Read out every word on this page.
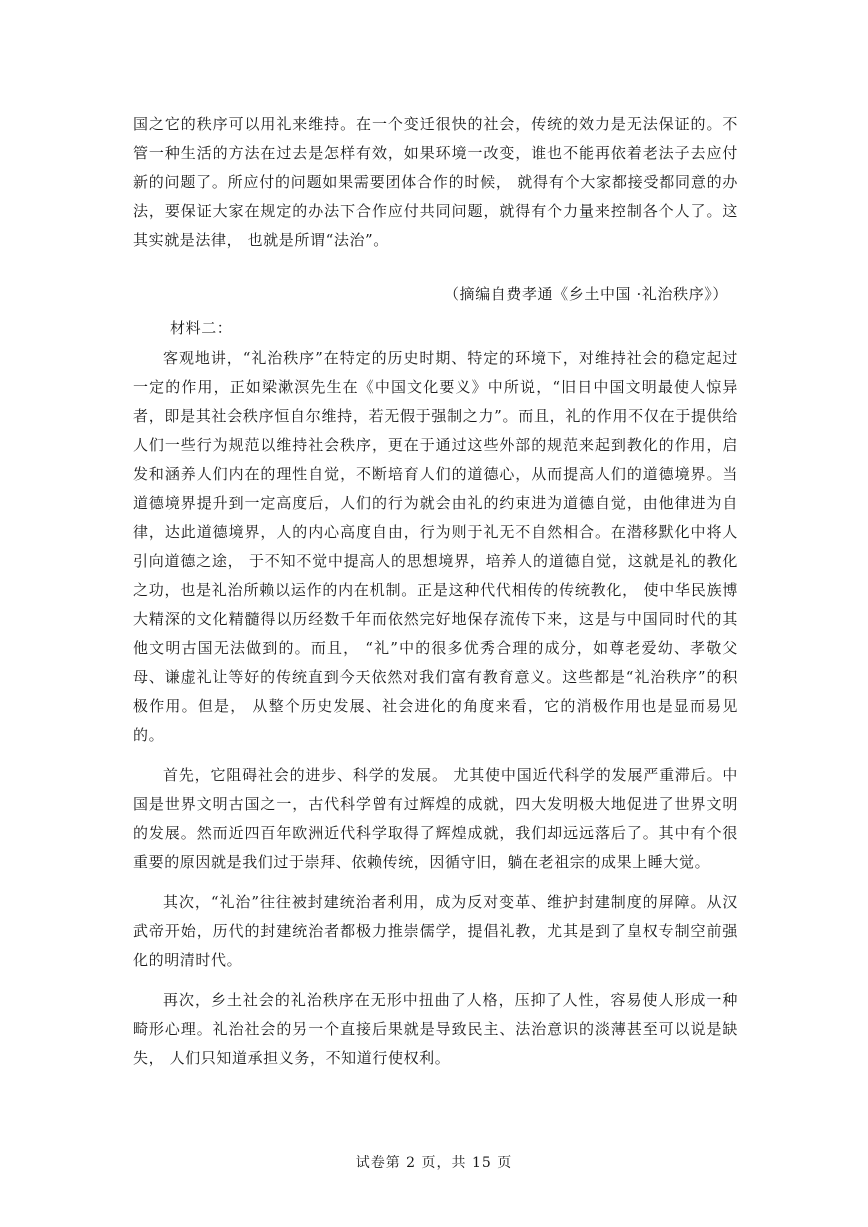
国之它的秩序可以用礼来维持。在一个变迁很快的社会，传统的效力是无法保证的。不管一种生活的方法在过去是怎样有效，如果环境一改变，谁也不能再依着老法子去应付新的问题了。所应付的问题如果需要团体合作的时候， 就得有个大家都接受都同意的办法，要保证大家在规定的办法下合作应付共同问题，就得有个力量来控制各个人了。这其实就是法律， 也就是所谓“法治”。

（摘编自费孝通《乡土中国 ·礼治秩序》）
材料二：

客观地讲，“礼治秩序”在特定的历史时期、特定的环境下，对维持社会的稳定起过一定的作用，正如梁漱溟先生在《中国文化要义》中所说，“旧日中国文明最使人惊异者，即是其社会秩序恒自尔维持，若无假于强制之力”。而且，礼的作用不仅在于提供给人们一些行为规范以维持社会秩序，更在于通过这些外部的规范来起到教化的作用，启发和涵养人们内在的理性自觉，不断培育人们的道德心，从而提高人们的道德境界。当道德境界提升到一定高度后，人们的行为就会由礼的约束进为道德自觉，由他律进为自律，达此道德境界，人的内心高度自由，行为则于礼无不自然相合。在潜移默化中将人引向道德之途， 于不知不觉中提高人的思想境界，培养人的道德自觉，这就是礼的教化之功，也是礼治所赖以运作的内在机制。正是这种代代相传的传统教化， 使中华民族博大精深的文化精髓得以历经数千年而依然完好地保存流传下来，这是与中国同时代的其他文明古国无法做到的。而且， “礼”中的很多优秀合理的成分，如尊老爱幼、孝敬父母、谦虚礼让等好的传统直到今天依然对我们富有教育意义。这些都是“礼治秩序”的积极作用。但是， 从整个历史发展、社会进化的角度来看，它的消极作用也是显而易见的。

首先，它阻碍社会的进步、科学的发展。 尤其使中国近代科学的发展严重滞后。中国是世界文明古国之一，古代科学曾有过辉煌的成就，四大发明极大地促进了世界文明的发展。然而近四百年欧洲近代科学取得了辉煌成就，我们却远远落后了。其中有个很重要的原因就是我们过于崇拜、依赖传统，因循守旧，躺在老祖宗的成果上睡大觉。

其次，“礼治”往往被封建统治者利用，成为反对变革、维护封建制度的屏障。从汉武帝开始，历代的封建统治者都极力推崇儒学，提倡礼教，尤其是到了皇权专制空前强化的明清时代。

再次，乡土社会的礼治秩序在无形中扭曲了人格，压抑了人性，容易使人形成一种畸形心理。礼治社会的另一个直接后果就是导致民主、法治意识的淡薄甚至可以说是缺失， 人们只知道承担义务，不知道行使权利。

试卷第 2 页，共 15 页
